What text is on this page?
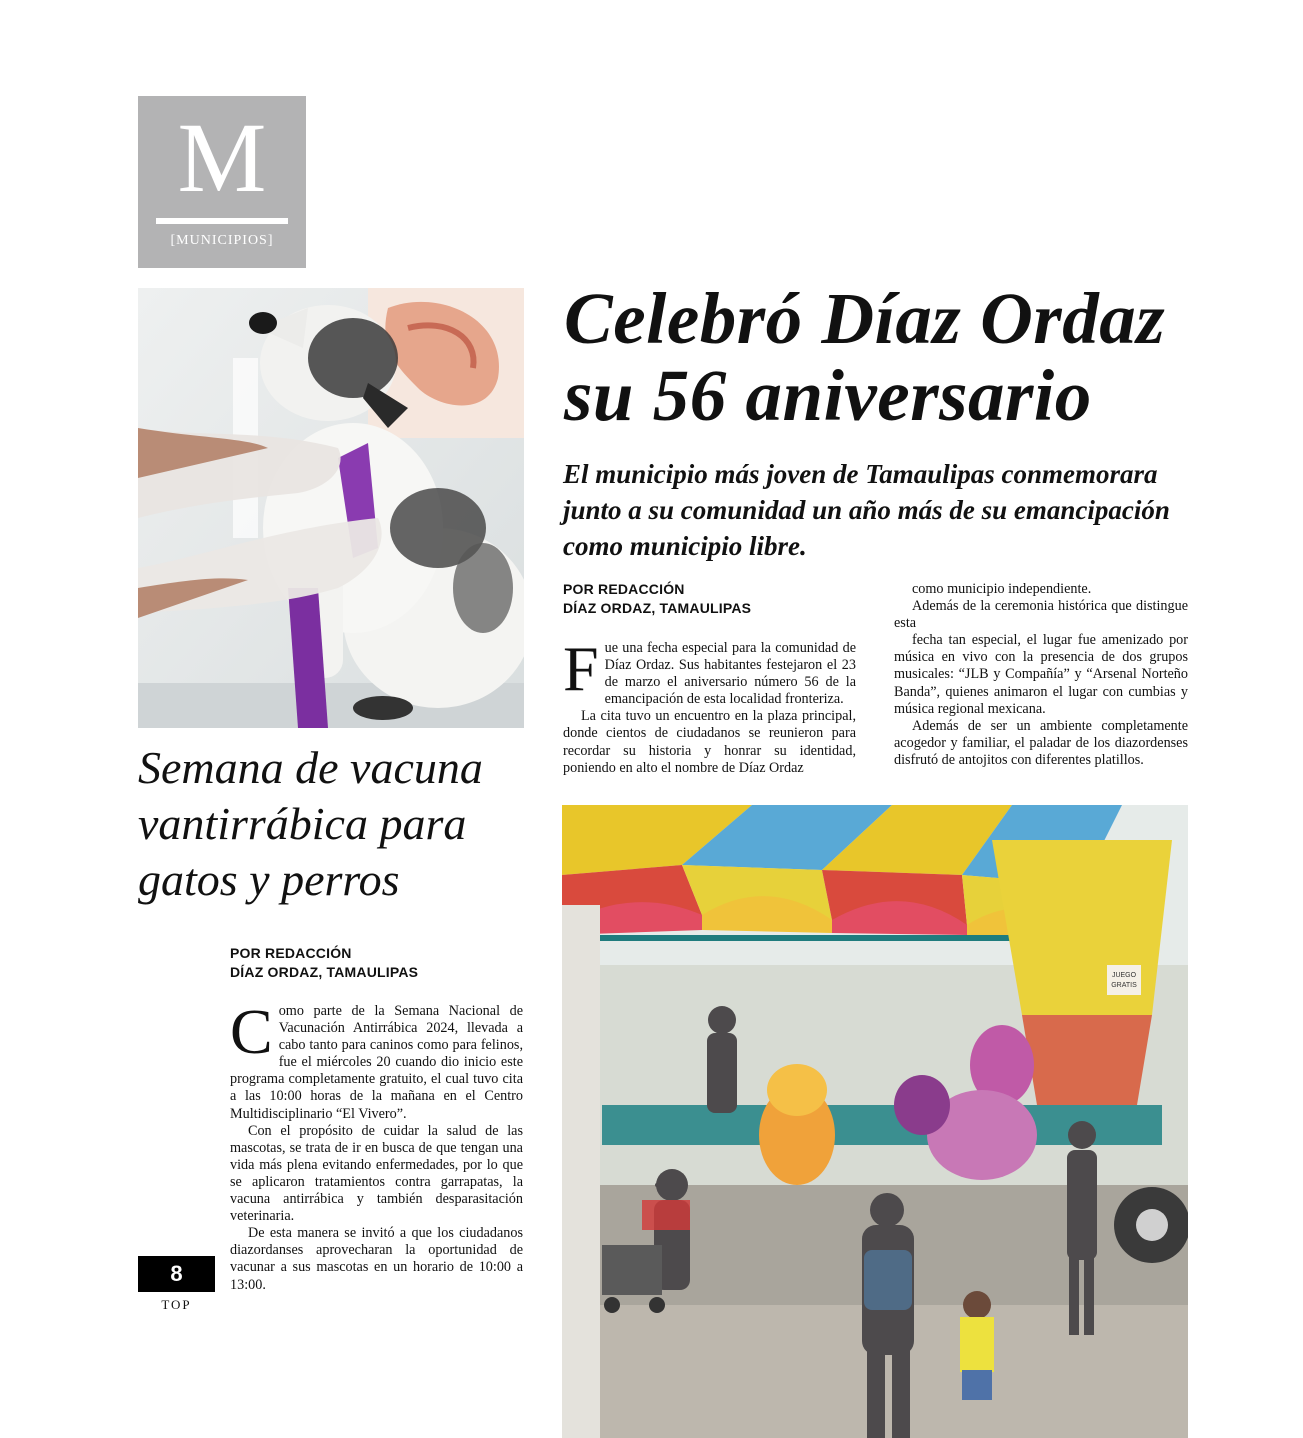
M
[MUNICIPIOS]
Celebró Díaz Ordaz
su 56 aniversario
El municipio más joven de Tamaulipas conmemorara junto a su comunidad un año más de su emancipación como municipio libre.
POR REDACCIÓN
DÍAZ ORDAZ, TAMAULIPAS

Fue una fecha especial para la comunidad de Díaz Ordaz. Sus habitantes festejaron el 23 de marzo el aniversario número 56 de la emancipación de esta localidad fronteriza.

La cita tuvo un encuentro en la plaza principal, donde cientos de ciudadanos se reunieron para recordar su historia y honrar su identidad, poniendo en alto el nombre de Díaz Ordaz

como municipio independiente.

Además de la ceremonia histórica que distingue esta

fecha tan especial, el lugar fue amenizado por música en vivo con la presencia de dos grupos musicales: “JLB y Compañía” y “Arsenal Norteño Banda”, quienes animaron el lugar con cumbias y música regional mexicana.

Además de ser un ambiente completamente acogedor y familiar, el paladar de los diazordenses disfrutó de antojitos con diferentes platillos.

JUEGO
GRATIS
Semana de vacuna vantirrábica para gatos y perros
POR REDACCIÓN
DÍAZ ORDAZ, TAMAULIPAS

Como parte de la Semana Nacional de Vacunación Antirrábica 2024, llevada a cabo tanto para caninos como para felinos, fue el miércoles 20 cuando dio inicio este programa completamente gratuito, el cual tuvo cita a las 10:00 horas de la mañana en el Centro Multidisciplinario “El Vivero”.

Con el propósito de cuidar la salud de las mascotas, se trata de ir en busca de que tengan una vida más plena evitando enfermedades, por lo que se aplicaron tratamientos contra garrapatas, la vacuna antirrábica y también desparasitación veterinaria.

De esta manera se invitó a que los ciudadanos diazordanses aprovecharan la oportunidad de vacunar a sus mascotas en un horario de 10:00 a 13:00.

8
TOP
